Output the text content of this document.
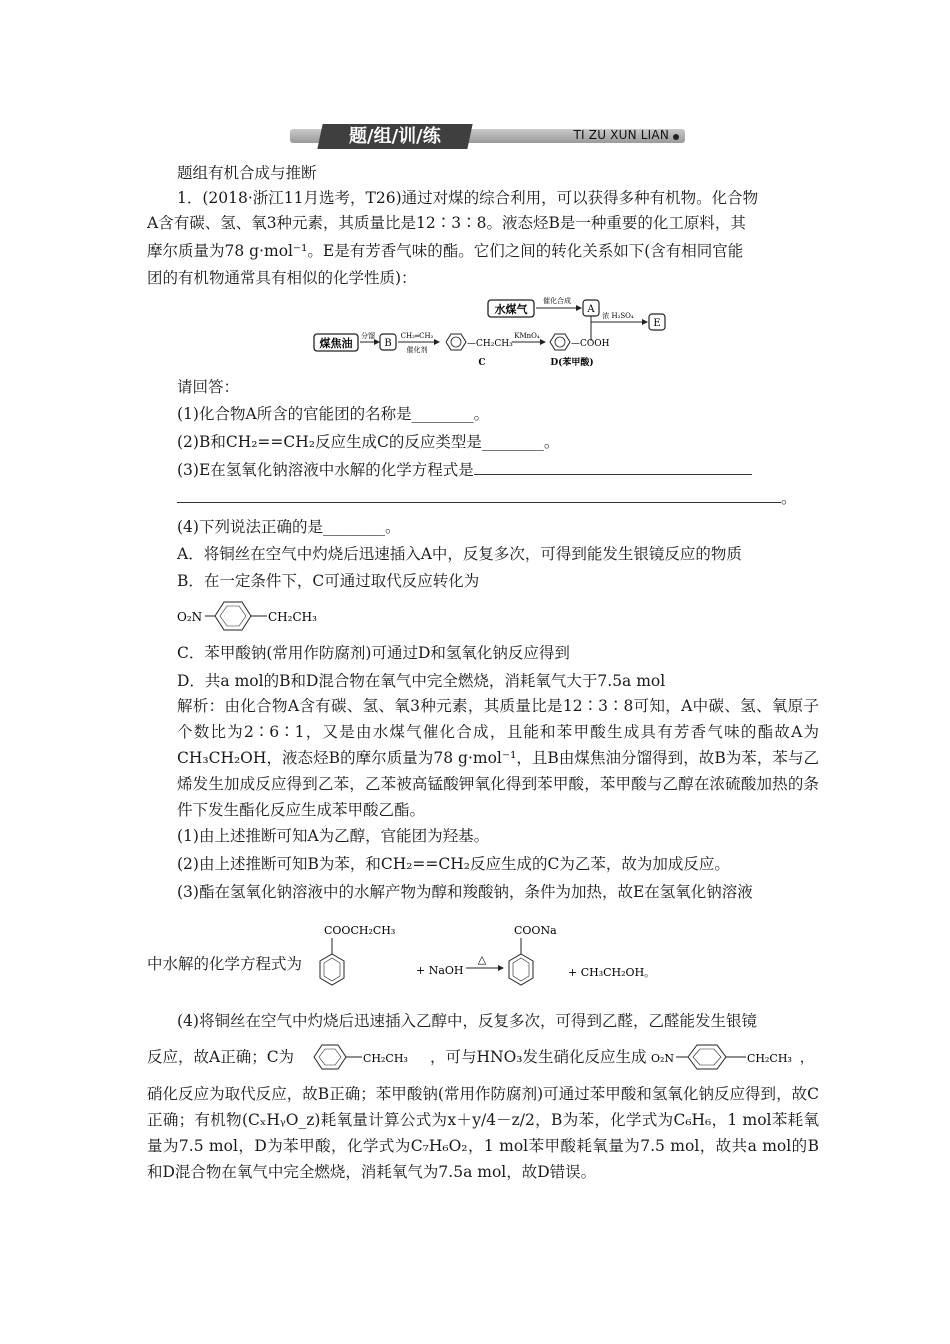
题/组/训/练	TI ZU XUN LIAN
题组有机合成与推断
1．(2018·浙江11月选考，T26)通过对煤的综合利用，可以获得多种有机物。化合物
A含有碳、氢、氧3种元素，其质量比是12∶3∶8。液态烃B是一种重要的化工原料，其
摩尔质量为78 g·mol⁻¹。E是有芳香气味的酯。它们之间的转化关系如下(含有相同官能
团的有机物通常具有相似的化学性质)：
水煤气
催化合成
A
浓 H₂SO₄
E
煤焦油
分馏
B
CH₂═CH₂
催化剂
—CH₂CH₃
C
KMnO₄
—COOH
D(苯甲酸)
请回答：
(1)化合物A所含的官能团的名称是________。
(2)B和CH₂==CH₂反应生成C的反应类型是________。
(3)E在氢氧化钠溶液中水解的化学方程式是
。
(4)下列说法正确的是________。
A．将铜丝在空气中灼烧后迅速插入A中，反复多次，可得到能发生银镜反应的物质
B．在一定条件下，C可通过取代反应转化为
O₂N	CH₂CH₃
C．苯甲酸钠(常用作防腐剂)可通过D和氢氧化钠反应得到
D．共a mol的B和D混合物在氧气中完全燃烧，消耗氧气大于7.5a mol
解析：由化合物A含有碳、氢、氧3种元素，其质量比是12∶3∶8可知，A中碳、氢、氧原子个数比为2∶6∶1，又是由水煤气催化合成，且能和苯甲酸生成具有芳香气味的酯故A为CH₃CH₂OH，液态烃B的摩尔质量为78 g·mol⁻¹，且B由煤焦油分馏得到，故B为苯，苯与乙烯发生加成反应得到乙苯，乙苯被高锰酸钾氧化得到苯甲酸，苯甲酸与乙醇在浓硫酸加热的条件下发生酯化反应生成苯甲酸乙酯。
(1)由上述推断可知A为乙醇，官能团为羟基。
(2)由上述推断可知B为苯，和CH₂==CH₂反应生成的C为乙苯，故为加成反应。
(3)酯在氢氧化钠溶液中的水解产物为醇和羧酸钠，条件为加热，故E在氢氧化钠溶液
中水解的化学方程式为
COOCH₂CH₃
+ NaOH
△
COONa
+ CH₃CH₂OH。
(4)将铜丝在空气中灼烧后迅速插入乙醇中，反复多次，可得到乙醛，乙醛能发生银镜
反应，故A正确；C为	CH₂CH₃ ，可与HNO₃发生硝化反应生成 O₂N	CH₂CH₃ ，
硝化反应为取代反应，故B正确；苯甲酸钠(常用作防腐剂)可通过苯甲酸和氢氧化钠反应得到，故C正确；有机物(CₓHᵧO_z)耗氧量计算公式为x＋y/4－z/2，B为苯，化学式为C₆H₆，1 mol苯耗氧量为7.5 mol，D为苯甲酸，化学式为C₇H₆O₂，1 mol苯甲酸耗氧量为7.5 mol，故共a mol的B和D混合物在氧气中完全燃烧，消耗氧气为7.5a mol，故D错误。
